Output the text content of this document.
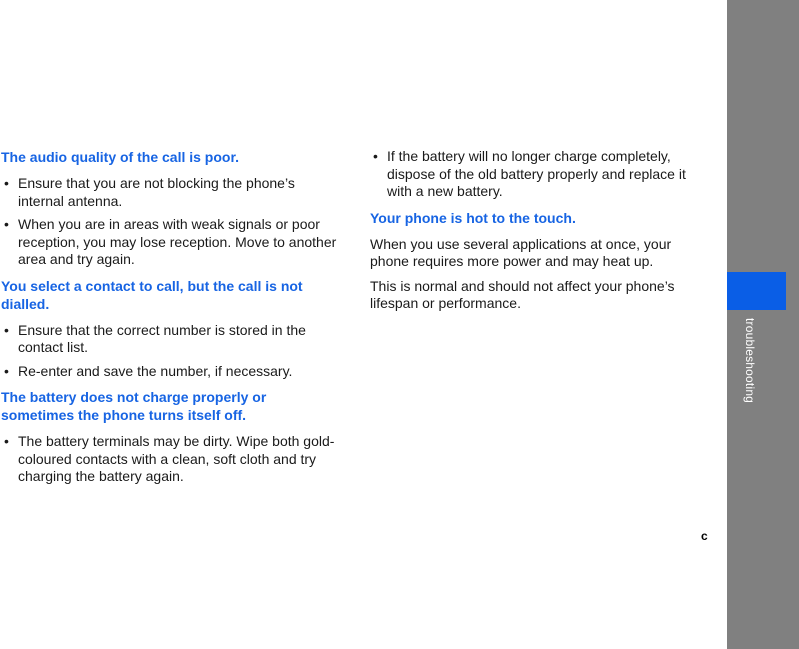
troubleshooting
c
The audio quality of the call is poor.
• Ensure that you are not blocking the phone’s internal antenna.
• When you are in areas with weak signals or poor reception, you may lose reception. Move to another area and try again.
You select a contact to call, but the call is not dialled.
• Ensure that the correct number is stored in the contact list.
• Re-enter and save the number, if necessary.
The battery does not charge properly or sometimes the phone turns itself off.
• The battery terminals may be dirty. Wipe both gold-coloured contacts with a clean, soft cloth and try charging the battery again.
• If the battery will no longer charge completely, dispose of the old battery properly and replace it with a new battery.
Your phone is hot to the touch.

When you use several applications at once, your phone requires more power and may heat up.

This is normal and should not affect your phone’s lifespan or performance.
